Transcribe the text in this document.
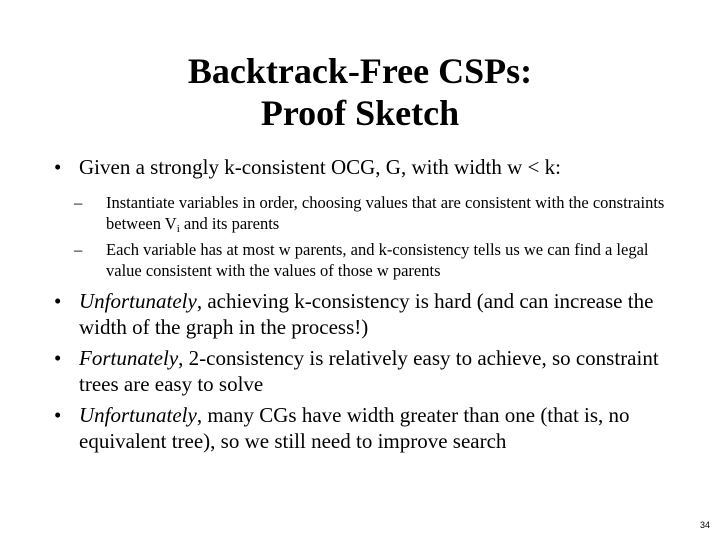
Backtrack-Free CSPs:
Proof Sketch
• Given a strongly k-consistent OCG, G, with width w < k:
–	Instantiate variables in order, choosing values that are consistent with the constraints between Vi and its parents
–	Each variable has at most w parents, and k-consistency tells us we can find a legal value consistent with the values of those w parents
• Unfortunately, achieving k-consistency is hard (and can increase the width of the graph in the process!)
• Fortunately, 2-consistency is relatively easy to achieve, so constraint trees are easy to solve
• Unfortunately, many CGs have width greater than one (that is, no equivalent tree), so we still need to improve search
34
